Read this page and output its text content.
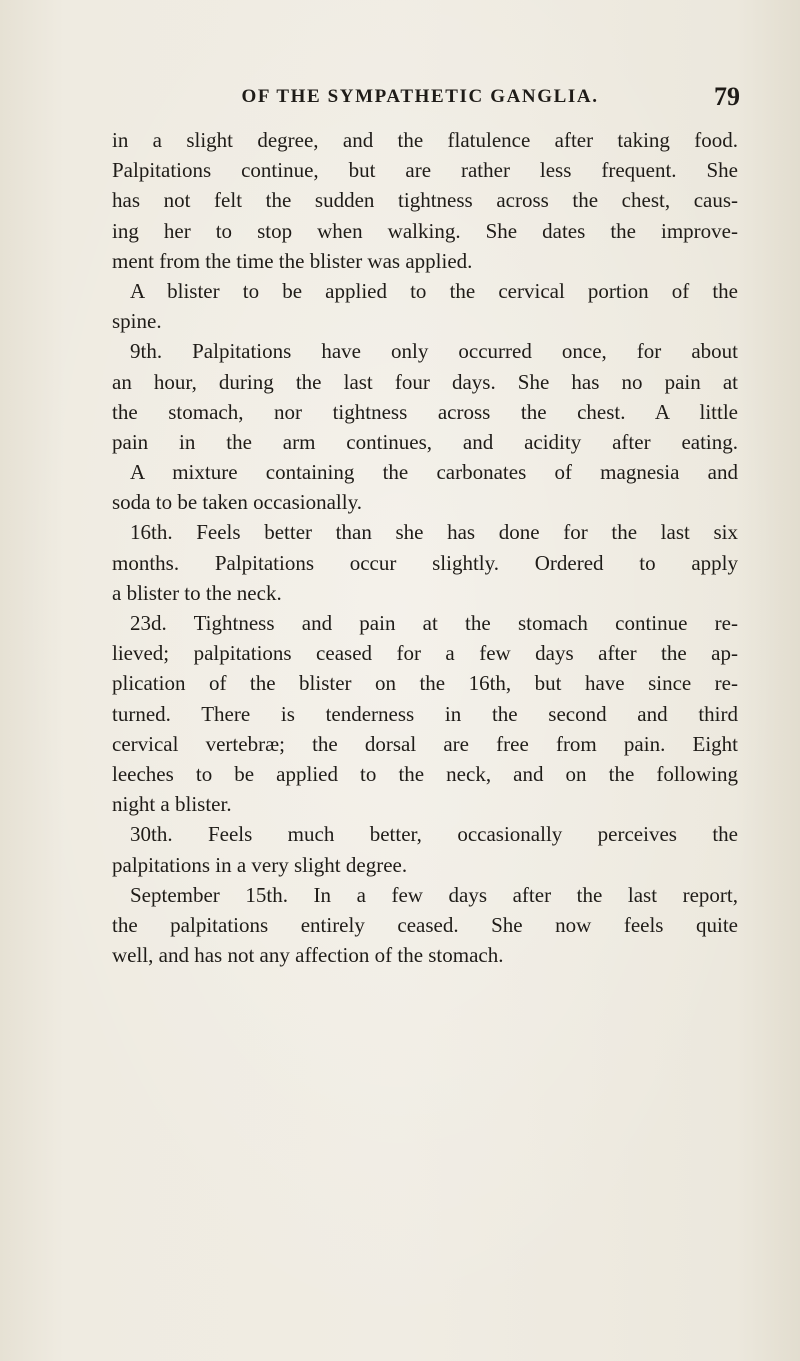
OF THE SYMPATHETIC GANGLIA.	79
in a slight degree, and the flatulence after taking food.
Palpitations continue, but are rather less frequent. She
has not felt the sudden tightness across the chest, caus-
ing her to stop when walking. She dates the improve-
ment from the time the blister was applied.
A blister to be applied to the cervical portion of the
spine.
9th. Palpitations have only occurred once, for about
an hour, during the last four days. She has no pain at
the stomach, nor tightness across the chest. A little
pain in the arm continues, and acidity after eating.
A mixture containing the carbonates of magnesia and
soda to be taken occasionally.
16th. Feels better than she has done for the last six
months. Palpitations occur slightly. Ordered to apply
a blister to the neck.
23d. Tightness and pain at the stomach continue re-
lieved; palpitations ceased for a few days after the ap-
plication of the blister on the 16th, but have since re-
turned. There is tenderness in the second and third
cervical vertebræ; the dorsal are free from pain. Eight
leeches to be applied to the neck, and on the following
night a blister.
30th. Feels much better, occasionally perceives the
palpitations in a very slight degree.
September 15th. In a few days after the last report,
the palpitations entirely ceased. She now feels quite
well, and has not any affection of the stomach.
